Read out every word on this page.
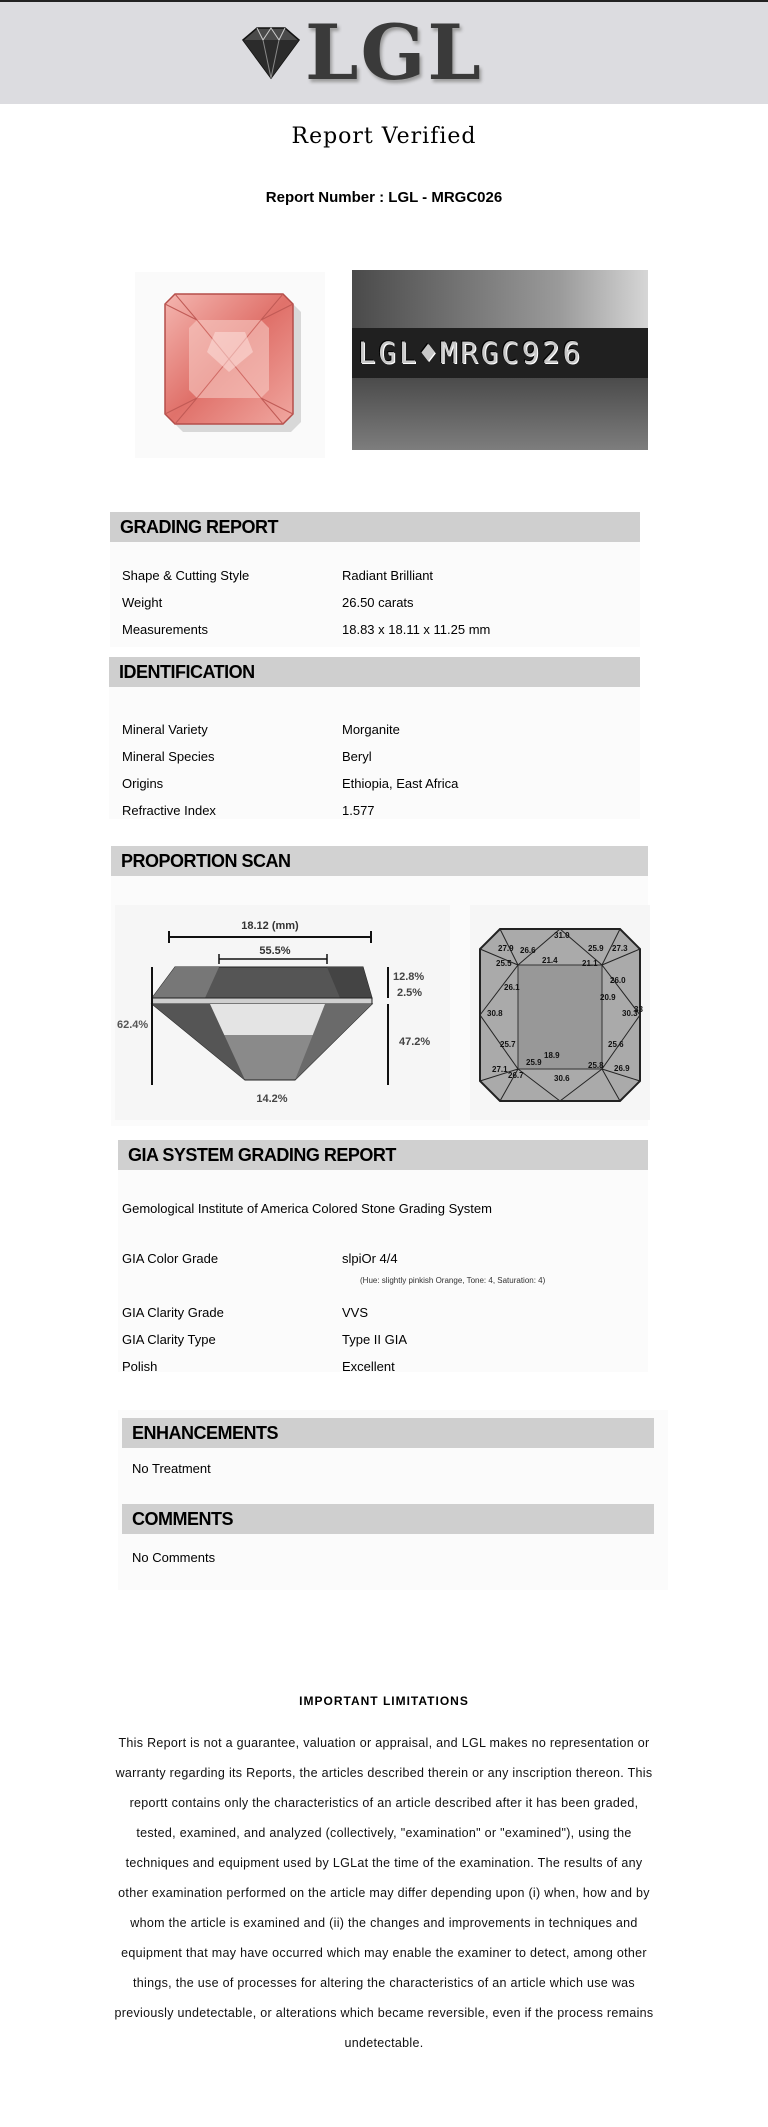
LGL
Report Verified
Report Number : LGL - MRGC026
LGL♦MRGC926
GRADING REPORT
Shape & Cutting Style	Radiant Brilliant
Weight	26.50 carats
Measurements	18.83 x 18.11 x 11.25 mm
IDENTIFICATION
Mineral Variety	Morganite
Mineral Species	Beryl
Origins	Ethiopia, East Africa
Refractive Index	1.577
PROPORTION SCAN
18.12 (mm)
55.5%
12.8%
2.5%
62.4%
47.2%
14.2%
31.0
27.9 26.6	25.9 27.3
25.5	21.4	21.1
26.1
26.0
30.8
20.9
30.3
25.7
18.9
25.6
25.9
27.1
26.7	30.6
25.8 26.9
33
GIA SYSTEM GRADING REPORT
Gemological Institute of America Colored Stone Grading System
GIA Color Grade	slpiOr 4/4
(Hue: slightly pinkish Orange, Tone: 4, Saturation: 4)
GIA Clarity Grade	VVS
GIA Clarity Type	Type II GIA
Polish	Excellent
ENHANCEMENTS
No Treatment
COMMENTS
No Comments
IMPORTANT LIMITATIONS
This Report is not a guarantee, valuation or appraisal, and LGL makes no representation or warranty regarding its Reports, the articles described therein or any inscription thereon. This reportt contains only the characteristics of an article described after it has been graded, tested, examined, and analyzed (collectively, "examination" or "examined"), using the techniques and equipment used by LGLat the time of the examination. The results of any other examination performed on the article may differ depending upon (i) when, how and by whom the article is examined and (ii) the changes and improvements in techniques and equipment that may have occurred which may enable the examiner to detect, among other things, the use of processes for altering the characteristics of an article which use was previously undetectable, or alterations which became reversible, even if the process remains undetectable.
